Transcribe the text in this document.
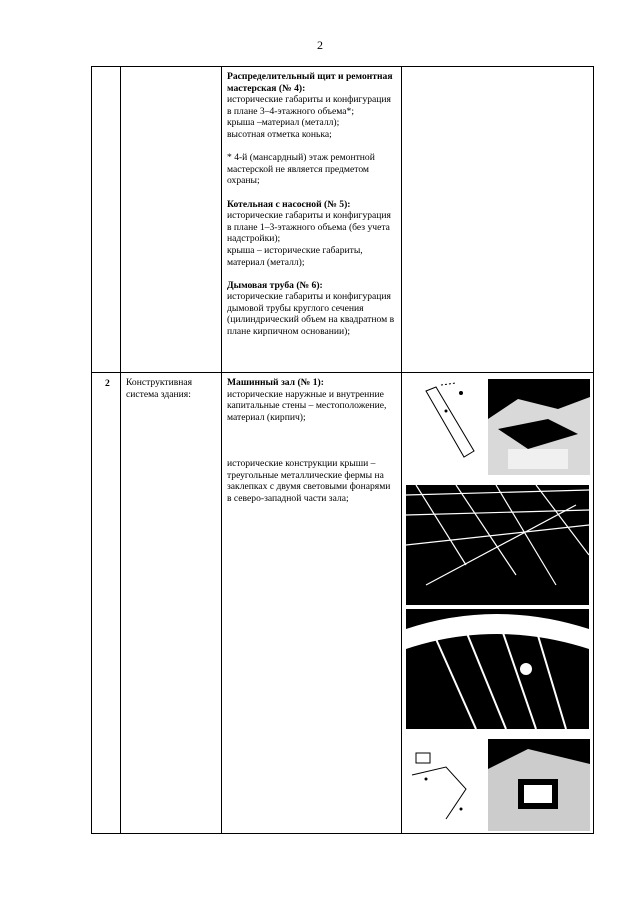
2

Распределительный щит и ремонтная мастерская (№ 4):

исторические габариты и конфигурация в плане 3–4-этажного объема*;

крыша –материал (металл);

высотная отметка конька;

* 4-й (мансардный) этаж ремонтной мастерской не является предметом охраны;

Котельная с насосной (№ 5):

исторические габариты и конфигурация в плане 1–3-этажного объема (без учета надстройки);

крыша – исторические габариты, материал (металл);

Дымовая труба (№ 6):

исторические габариты и конфигурация дымовой трубы круглого сечения (цилиндрический объем на квадратном в плане кирпичном основании);

2 Конструктивная система здания:

Машинный зал (№ 1):

исторические наружные и внутренние капитальные стены – местоположение, материал (кирпич);

исторические конструкции крыши – треугольные металлические фермы на заклепках с двумя световыми фонарями в северо-западной части зала;
